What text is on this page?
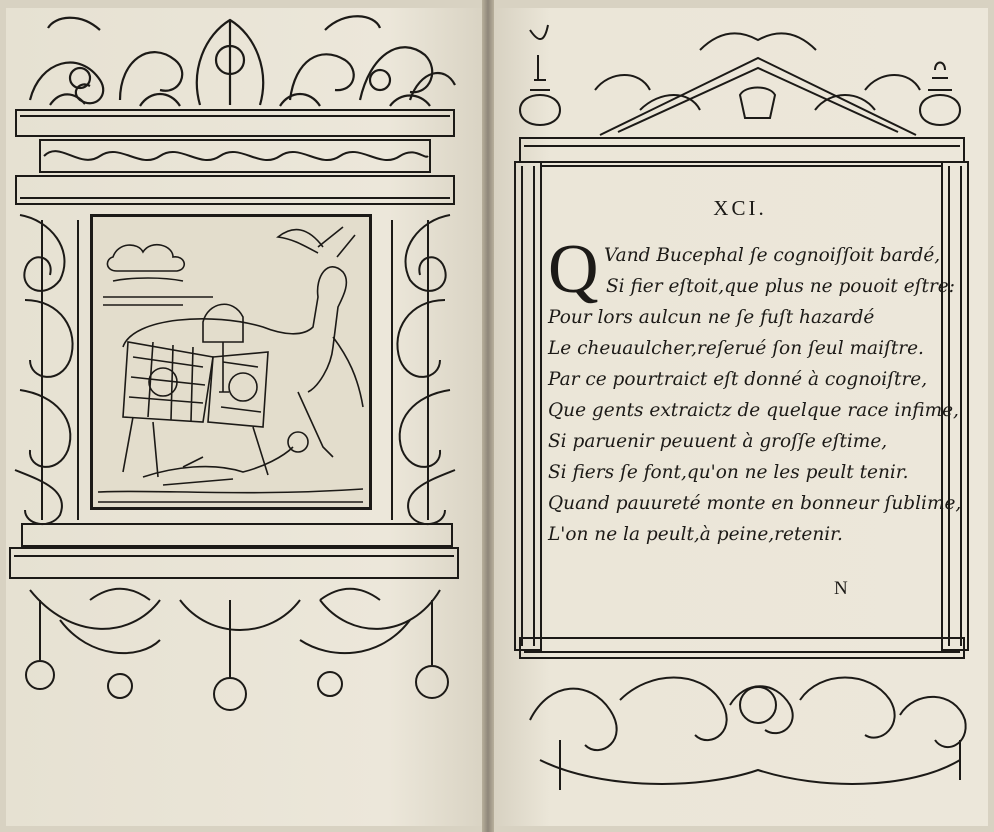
XCI.
Q Vand Bucephal ſe cognoiſſoit bardé,
Si fier eſtoit,que plus ne pouoit eſtre:
Pour lors aulcun ne ſe fuſt hazardé
Le cheuaulcher,reſerué ſon ſeul maiſtre.
Par ce pourtraict eſt donné à cognoiſtre,
Que gents extraictz de quelque race infime,
Si paruenir peuuent à groſſe eſtime,
Si fiers ſe font,qu'on ne les peult tenir.
Quand pauureté monte en bonneur ſublime,
L'on ne la peult,à peine,retenir.
N
